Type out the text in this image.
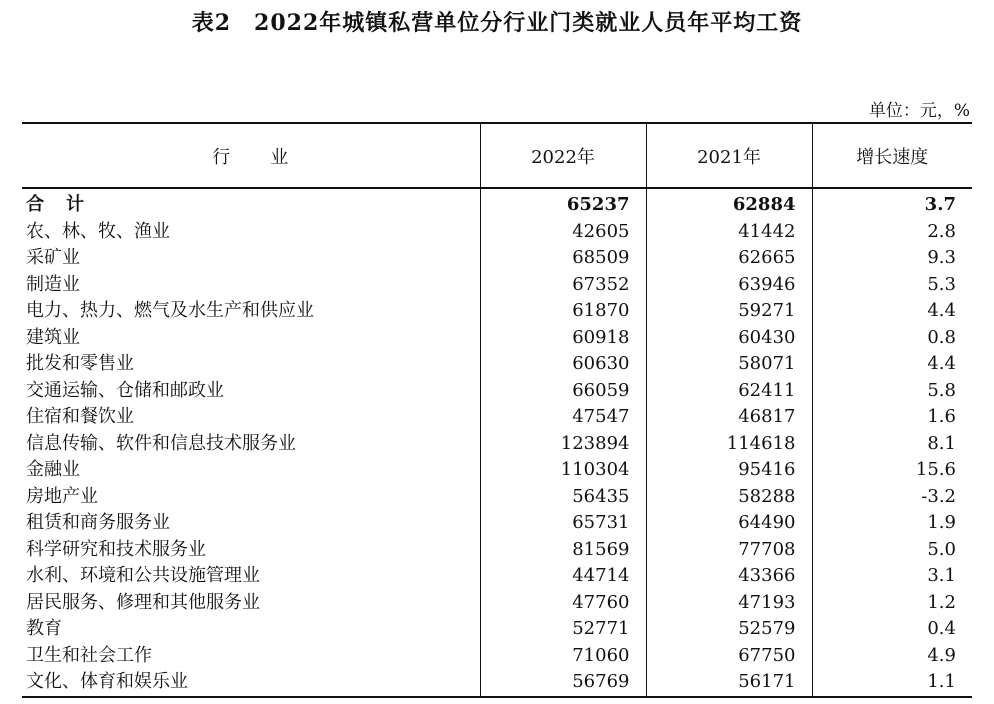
表2　2022年城镇私营单位分行业门类就业人员年平均工资
单位：元，%
行业	2022年	2021年	增长速度
合计	65237	62884	3.7
农、林、牧、渔业	42605	41442	2.8
采矿业	68509	62665	9.3
制造业	67352	63946	5.3
电力、热力、燃气及水生产和供应业	61870	59271	4.4
建筑业	60918	60430	0.8
批发和零售业	60630	58071	4.4
交通运输、仓储和邮政业	66059	62411	5.8
住宿和餐饮业	47547	46817	1.6
信息传输、软件和信息技术服务业	123894	114618	8.1
金融业	110304	95416	15.6
房地产业	56435	58288	-3.2
租赁和商务服务业	65731	64490	1.9
科学研究和技术服务业	81569	77708	5.0
水利、环境和公共设施管理业	44714	43366	3.1
居民服务、修理和其他服务业	47760	47193	1.2
教育	52771	52579	0.4
卫生和社会工作	71060	67750	4.9
文化、体育和娱乐业	56769	56171	1.1
